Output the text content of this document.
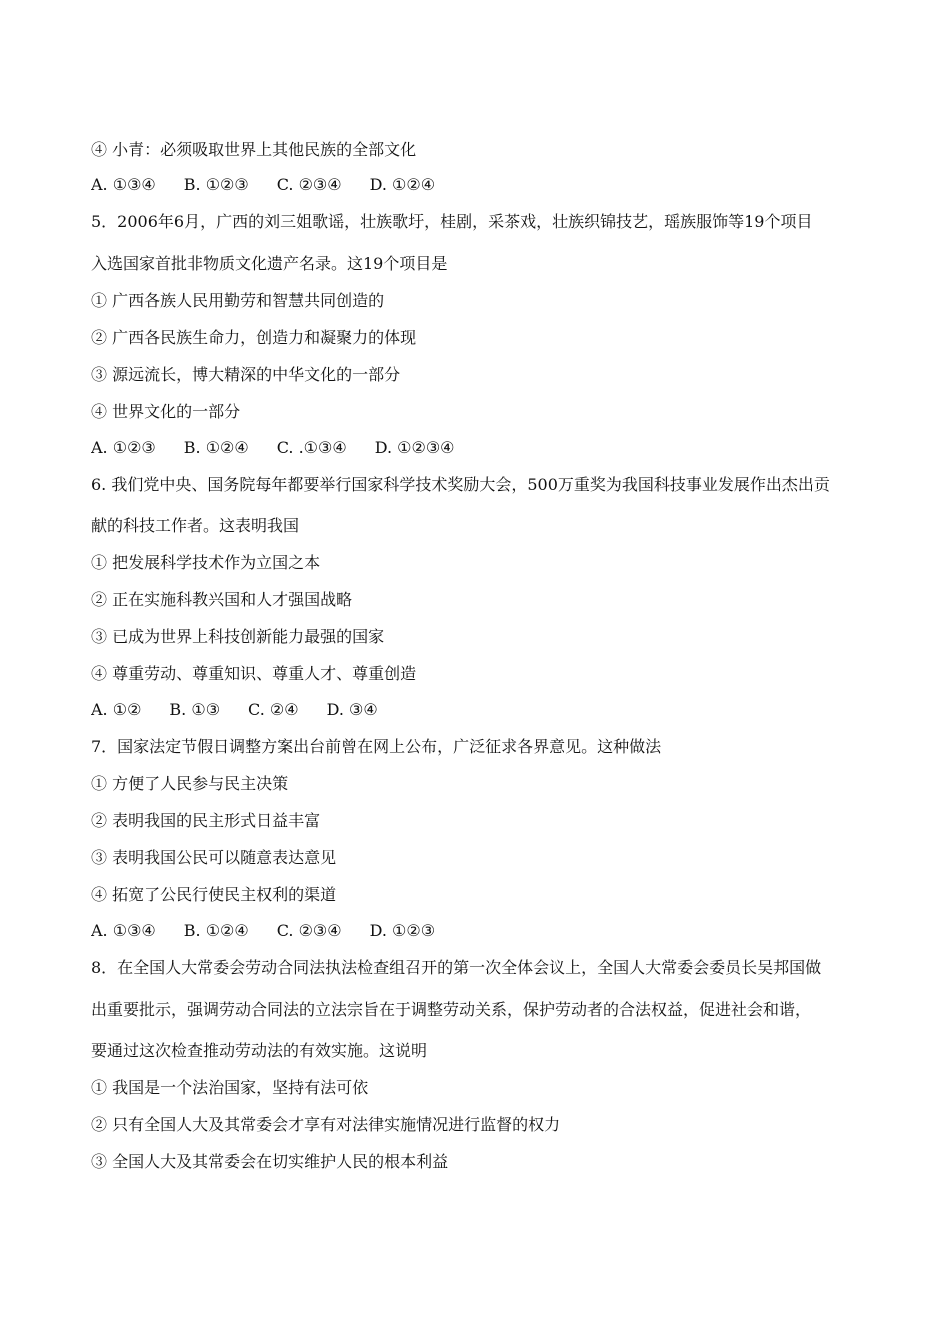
④ 小青：必须吸取世界上其他民族的全部文化
A. ①③④ B. ①②③ C. ②③④ D. ①②④
5．2006年6月，广西的刘三姐歌谣，壮族歌圩，桂剧，采茶戏，壮族织锦技艺，瑶族服饰等19个项目
入选国家首批非物质文化遗产名录。这19个项目是
① 广西各族人民用勤劳和智慧共同创造的
② 广西各民族生命力，创造力和凝聚力的体现
③ 源远流长，博大精深的中华文化的一部分
④ 世界文化的一部分
A. ①②③ B. ①②④ C. .①③④ D. ①②③④
6. 我们党中央、国务院每年都要举行国家科学技术奖励大会，500万重奖为我国科技事业发展作出杰出贡
献的科技工作者。这表明我国
① 把发展科学技术作为立国之本
② 正在实施科教兴国和人才强国战略
③ 已成为世界上科技创新能力最强的国家
④ 尊重劳动、尊重知识、尊重人才、尊重创造
A. ①② B. ①③ C. ②④ D. ③④
7．国家法定节假日调整方案出台前曾在网上公布，广泛征求各界意见。这种做法
① 方便了人民参与民主决策
② 表明我国的民主形式日益丰富
③ 表明我国公民可以随意表达意见
④ 拓宽了公民行使民主权利的渠道
A. ①③④ B. ①②④ C. ②③④ D. ①②③
8．在全国人大常委会劳动合同法执法检查组召开的第一次全体会议上，全国人大常委会委员长吴邦国做
出重要批示，强调劳动合同法的立法宗旨在于调整劳动关系，保护劳动者的合法权益，促进社会和谐，
要通过这次检查推动劳动法的有效实施。这说明
① 我国是一个法治国家，坚持有法可依
② 只有全国人大及其常委会才享有对法律实施情况进行监督的权力
③ 全国人大及其常委会在切实维护人民的根本利益
